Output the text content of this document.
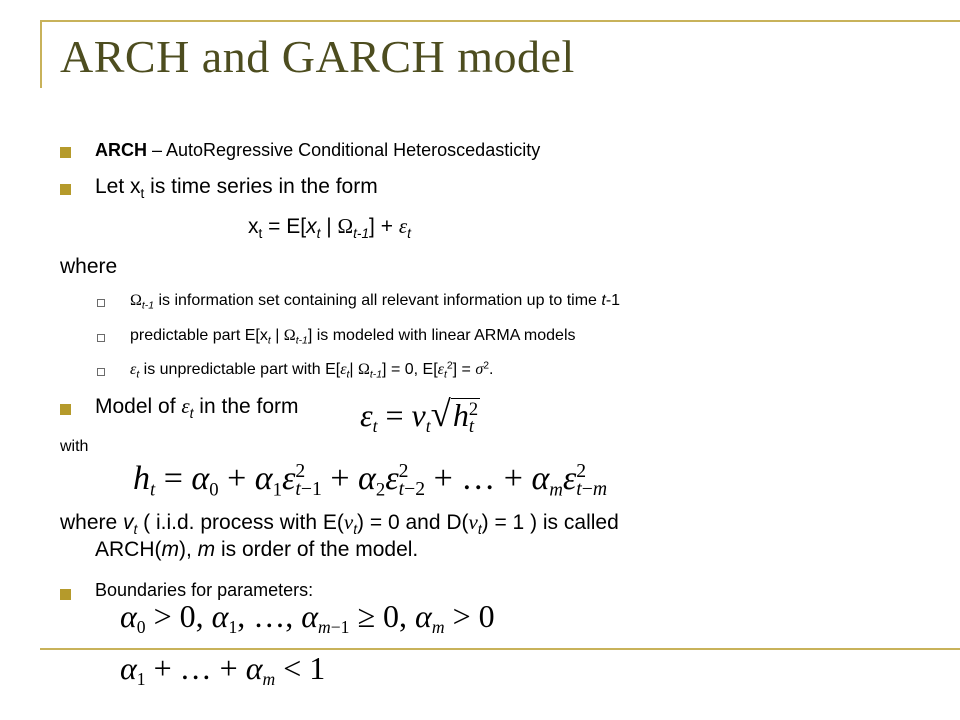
ARCH and GARCH model
ARCH – AutoRegressive Conditional Heteroscedasticity
Let $x_t$ is time series in the form
$x_t = E[x_t$ | $\Omega_{t-1}] + \varepsilon_t$
where
$\Omega_{t-1}$ is information set containing all relevant information up to time t-1
predictable part $E[x_t$ | $\Omega_{t-1}$] is modeled with linear ARMA models
$\varepsilon_t$ is unpredictable part with $E[\varepsilon_t|$ $\Omega_{t-1}] = 0$, $E[\varepsilon_t^2] = \sigma^2$.
Model of $\varepsilon_t$ in the form $\varepsilon_t = v_t√h$ 2
t
with
$h_t = \alpha_0 + \alpha_1\varepsilon$ 2
$t-1 + \alpha_2\varepsilon$ 2
t−2 + … + $\alpha_m\varepsilon$ 2
t−m
where $v_t$ ( i.i.d. process with $E(\nu_t) = 0$ and $D(\nu_t) = 1$ ) is called
ARCH(m), m is order of the model.
Boundaries for parameters:
$\alpha_0 > 0$, $\alpha_1$, …, $\alpha_{m-1} \ge 0$, $\alpha_m > 0$
$\alpha_1$ + … + $\alpha_m < 1$
